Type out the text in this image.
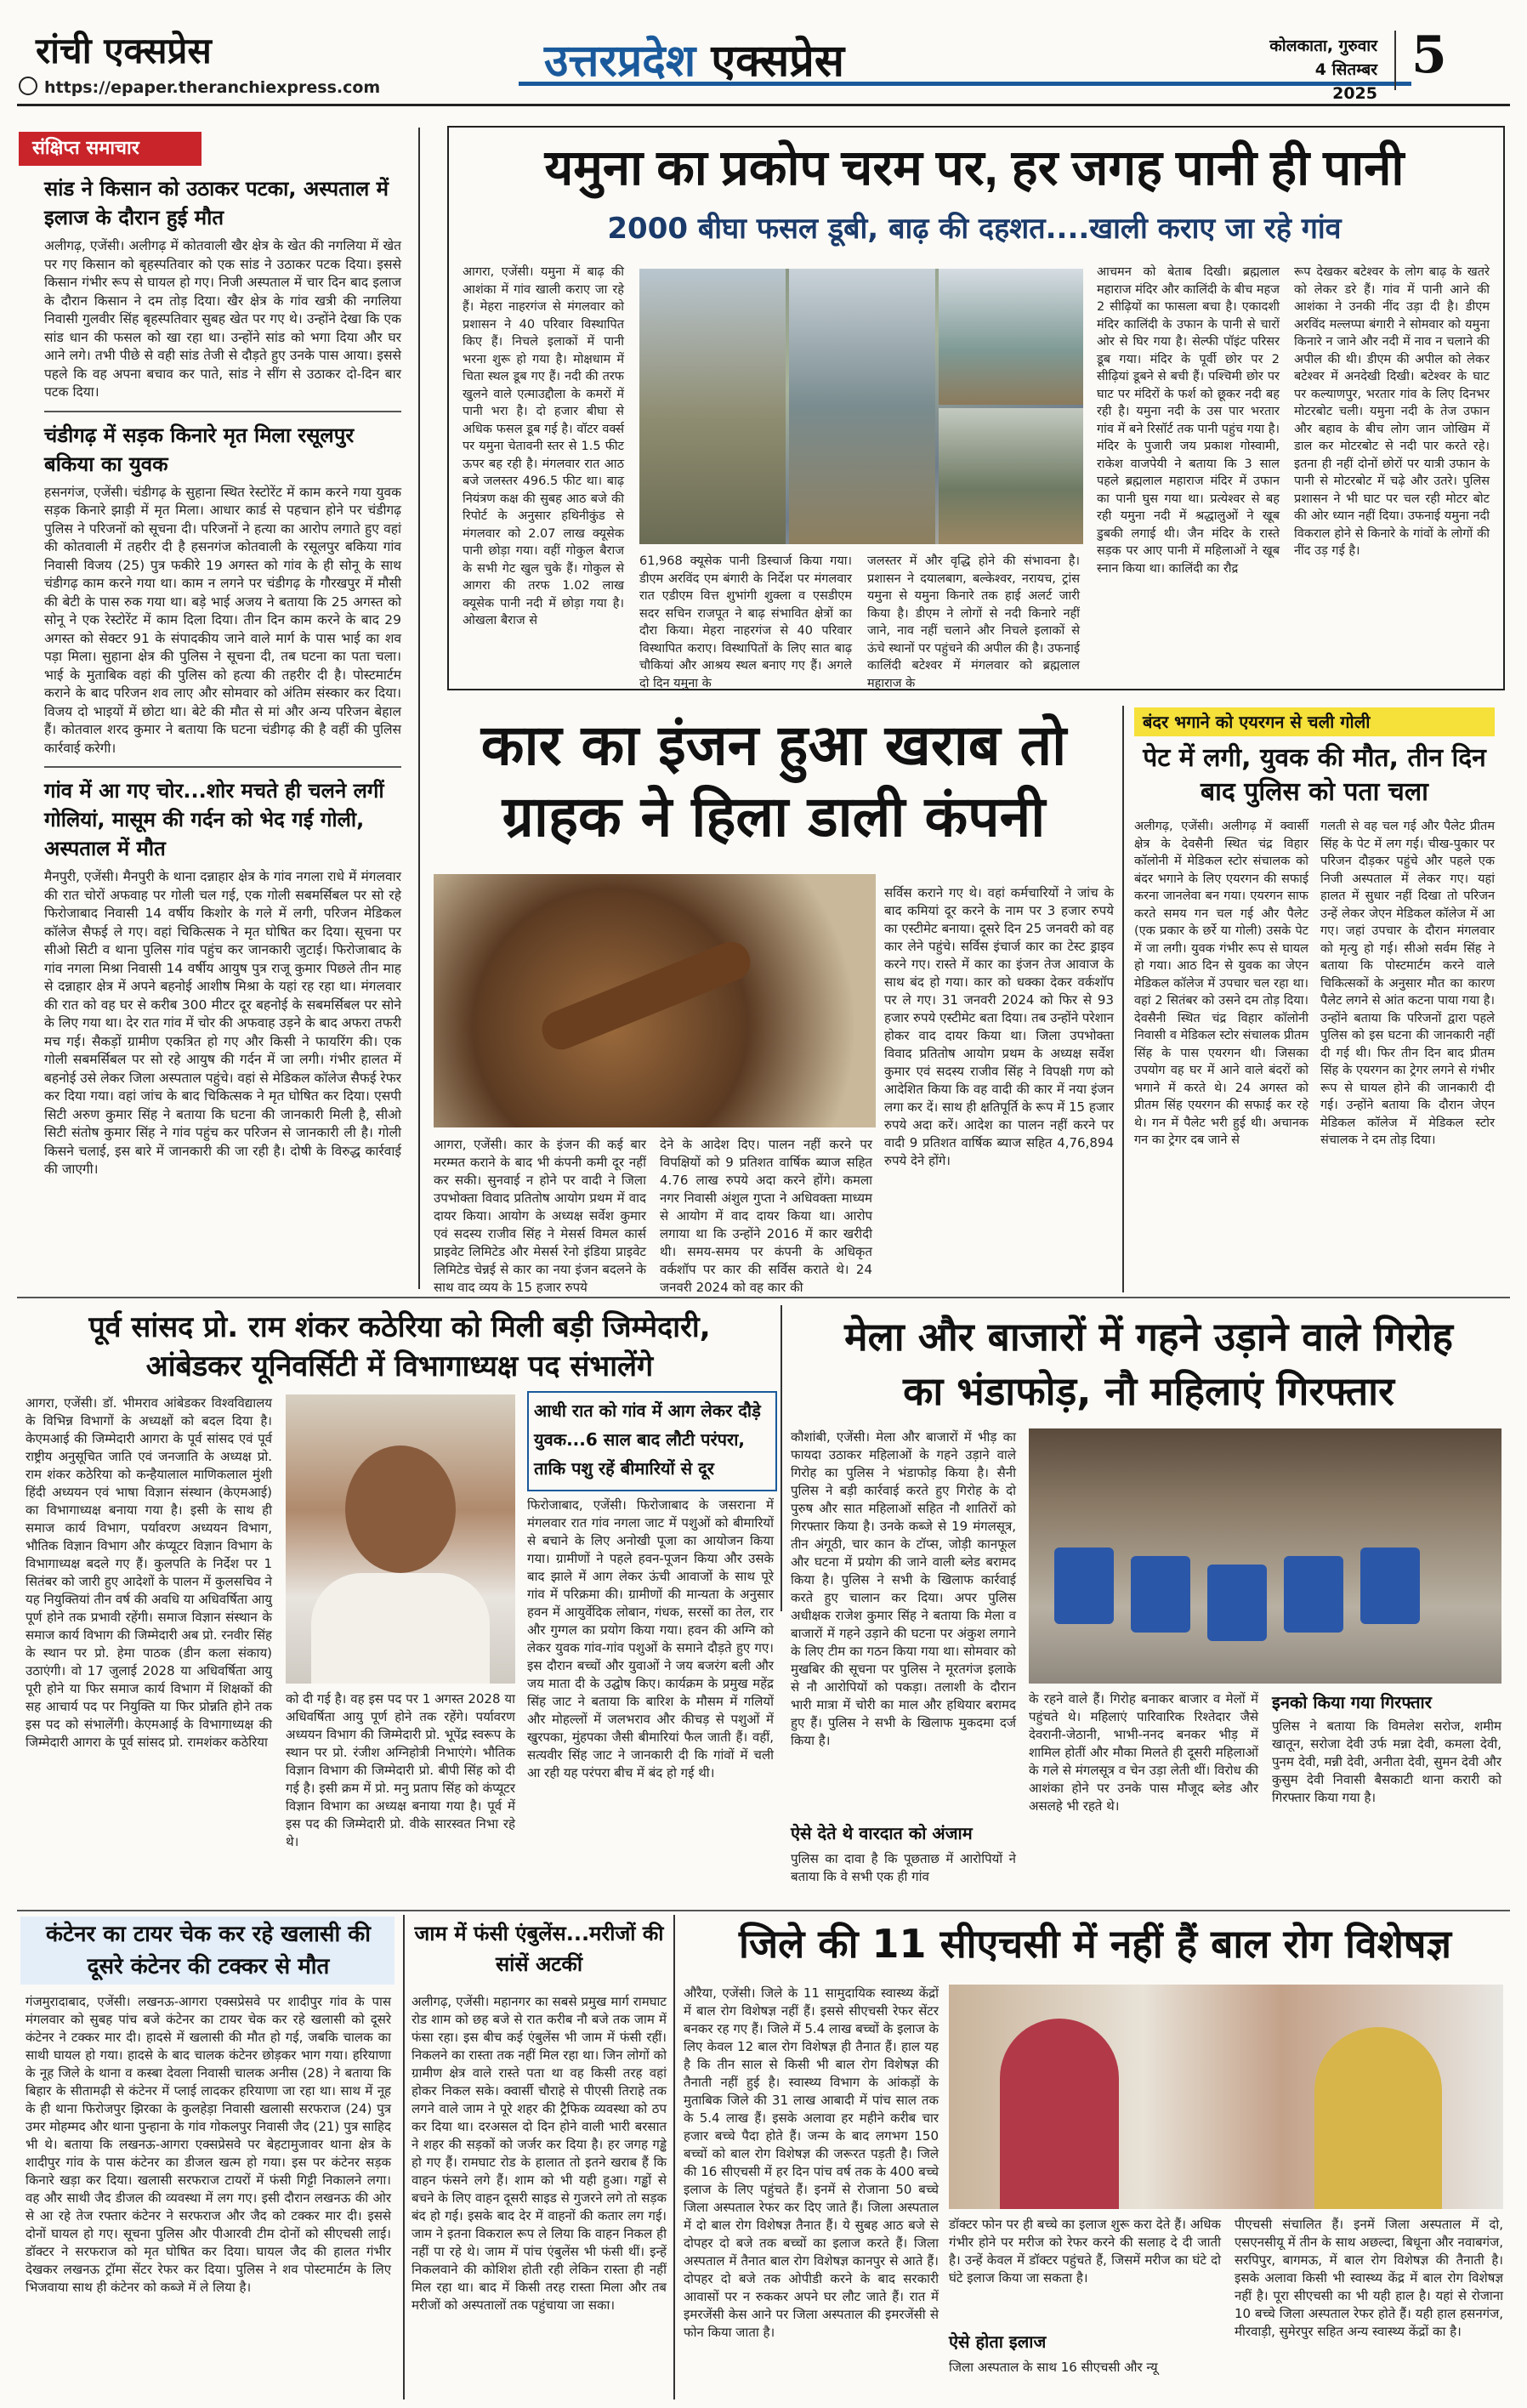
रांची एक्सप्रेस
https://epaper.theranchiexpress.com
उत्तरप्रदेश एक्सप्रेस	कोलकाता, गुरुवार
4 सितम्बर 2025
5
संक्षिप्त समाचार
सांड ने किसान को उठाकर पटका, अस्पताल में इलाज के दौरान हुई मौत
अलीगढ़, एजेंसी। अलीगढ़ में कोतवाली खैर क्षेत्र के खेत की नगलिया में खेत पर गए किसान को बृहस्पतिवार को एक सांड ने उठाकर पटक दिया। इससे किसान गंभीर रूप से घायल हो गए। निजी अस्पताल में चार दिन बाद इलाज के दौरान किसान ने दम तोड़ दिया। खैर क्षेत्र के गांव खत्री की नगलिया निवासी गुलवीर सिंह बृहस्पतिवार सुबह खेत पर गए थे। उन्होंने देखा कि एक सांड धान की फसल को खा रहा था। उन्होंने सांड को भगा दिया और घर आने लगे। तभी पीछे से वही सांड तेजी से दौड़ते हुए उनके पास आया। इससे पहले कि वह अपना बचाव कर पाते, सांड ने सींग से उठाकर दो-दिन बार पटक दिया।
चंडीगढ़ में सड़क किनारे मृत मिला रसूलपुर बकिया का युवक
हसनगंज, एजेंसी। चंडीगढ़ के सुहाना स्थित रेस्टोरेंट में काम करने गया युवक सड़क किनारे झाड़ी में मृत मिला। आधार कार्ड से पहचान होने पर चंडीगढ़ पुलिस ने परिजनों को सूचना दी। परिजनों ने हत्या का आरोप लगाते हुए वहां की कोतवाली में तहरीर दी है हसनगंज कोतवाली के रसूलपुर बकिया गांव निवासी विजय (25) पुत्र फकीरे 19 अगस्त को गांव के ही सोनू के साथ चंडीगढ़ काम करने गया था। काम न लगने पर चंडीगढ़ के गौरखपुर में मौसी की बेटी के पास रुक गया था। बड़े भाई अजय ने बताया कि 25 अगस्त को सोनू ने एक रेस्टोरेंट में काम दिला दिया। तीन दिन काम करने के बाद 29 अगस्त को सेक्टर 91 के संपादकीय जाने वाले मार्ग के पास भाई का शव पड़ा मिला। सुहाना क्षेत्र की पुलिस ने सूचना दी, तब घटना का पता चला। भाई के मुताबिक वहां की पुलिस को हत्या की तहरीर दी है। पोस्टमार्टम कराने के बाद परिजन शव लाए और सोमवार को अंतिम संस्कार कर दिया। विजय दो भाइयों में छोटा था। बेटे की मौत से मां और अन्य परिजन बेहाल हैं। कोतवाल शरद कुमार ने बताया कि घटना चंडीगढ़ की है वहीं की पुलिस कार्रवाई करेगी।
गांव में आ गए चोर...शोर मचते ही चलने लगीं गोलियां, मासूम की गर्दन को भेद गई गोली, अस्पताल में मौत
मैनपुरी, एजेंसी। मैनपुरी के थाना दन्नाहार क्षेत्र के गांव नगला राधे में मंगलवार की रात चोरों अफवाह पर गोली चल गई, एक गोली सबमर्सिबल पर सो रहे फिरोजाबाद निवासी 14 वर्षीय किशोर के गले में लगी, परिजन मेडिकल कॉलेज सैफई ले गए। वहां चिकित्सक ने मृत घोषित कर दिया। सूचना पर सीओ सिटी व थाना पुलिस गांव पहुंच कर जानकारी जुटाई। फिरोजाबाद के गांव नगला मिश्रा निवासी 14 वर्षीय आयुष पुत्र राजू कुमार पिछले तीन माह से दन्नाहार क्षेत्र में अपने बहनोई आशीष मिश्रा के यहां रह रहा था। मंगलवार की रात को वह घर से करीब 300 मीटर दूर बहनोई के सबमर्सिबल पर सोने के लिए गया था। देर रात गांव में चोर की अफवाह उड़ने के बाद अफरा तफरी मच गई। सैकड़ों ग्रामीण एकत्रित हो गए और किसी ने फायरिंग की। एक गोली सबमर्सिबल पर सो रहे आयुष की गर्दन में जा लगी। गंभीर हालत में बहनोई उसे लेकर जिला अस्पताल पहुंचे। वहां से मेडिकल कॉलेज सैफई रेफर कर दिया गया। वहां जांच के बाद चिकित्सक ने मृत घोषित कर दिया। एसपी सिटी अरुण कुमार सिंह ने बताया कि घटना की जानकारी मिली है, सीओ सिटी संतोष कुमार सिंह ने गांव पहुंच कर परिजन से जानकारी ली है। गोली किसने चलाई, इस बारे में जानकारी की जा रही है। दोषी के विरुद्ध कार्रवाई की जाएगी।
यमुना का प्रकोप चरम पर, हर जगह पानी ही पानी
2000 बीघा फसल डूबी, बाढ़ की दहशत....खाली कराए जा रहे गांव
आगरा, एजेंसी। यमुना में बाढ़ की आशंका में गांव खाली कराए जा रहे हैं। मेहरा नाहरगंज से मंगलवार को प्रशासन ने 40 परिवार विस्थापित किए हैं। निचले इलाकों में पानी भरना शुरू हो गया है। मोक्षधाम में चिता स्थल डूब गए हैं। नदी की तरफ खुलने वाले एत्माउद्दौला के कमरों में पानी भरा है। दो हजार बीघा से अधिक फसल डूब गई है। वॉटर वर्क्स पर यमुना चेतावनी स्तर से 1.5 फीट ऊपर बह रही है। मंगलवार रात आठ बजे जलस्तर 496.5 फीट था। बाढ़ नियंत्रण कक्ष की सुबह आठ बजे की रिपोर्ट के अनुसार हथिनीकुंड से मंगलवार को 2.07 लाख क्यूसेक पानी छोड़ा गया। वहीं गोकुल बैराज के सभी गेट खुल चुके हैं। गोकुल से आगरा की तरफ 1.02 लाख क्यूसेक पानी नदी में छोड़ा गया है। ओखला बैराज से
61,968 क्यूसेक पानी डिस्चार्ज किया गया। डीएम अरविंद एम बंगारी के निर्देश पर मंगलवार रात एडीएम वित्त शुभांगी शुक्ला व एसडीएम सदर सचिन राजपूत ने बाढ़ संभावित क्षेत्रों का दौरा किया। मेहरा नाहरगंज से 40 परिवार विस्थापित कराए। विस्थापितों के लिए सात बाढ़ चौकियां और आश्रय स्थल बनाए गए हैं। अगले दो दिन यमुना के
जलस्तर में और वृद्धि होने की संभावना है। प्रशासन ने दयालबाग, बल्केश्वर, नरायच, ट्रांस यमुना से यमुना किनारे तक हाई अलर्ट जारी किया है। डीएम ने लोगों से नदी किनारे नहीं जाने, नाव नहीं चलाने और निचले इलाकों से ऊंचे स्थानों पर पहुंचने की अपील की है। उफनाई कालिंदी बटेश्वर में मंगलवार को ब्रह्मलाल महाराज के
आचमन को बेताब दिखी। ब्रह्मलाल महाराज मंदिर और कालिंदी के बीच महज 2 सीढ़ियों का फासला बचा है। एकादशी मंदिर कालिंदी के उफान के पानी से चारों ओर से घिर गया है। सेल्फी पॉइंट परिसर डूब गया। मंदिर के पूर्वी छोर पर 2 सीढ़ियां डूबने से बची हैं। पश्चिमी छोर पर घाट पर मंदिरों के फर्श को छूकर नदी बह रही है। यमुना नदी के उस पार भरतार गांव में बने रिसॉर्ट तक पानी पहुंच गया है। मंदिर के पुजारी जय प्रकाश गोस्वामी, राकेश वाजपेयी ने बताया कि 3 साल पहले ब्रह्मलाल महाराज मंदिर में उफान का पानी घुस गया था। प्रत्येश्वर से बह रही यमुना नदी में श्रद्धालुओं ने खूब डुबकी लगाई थी। जैन मंदिर के रास्ते सड़क पर आए पानी में महिलाओं ने खूब स्नान किया था। कालिंदी का रौद्र
रूप देखकर बटेश्वर के लोग बाढ़ के खतरे को लेकर डरे हैं। गांव में पानी आने की आशंका ने उनकी नींद उड़ा दी है। डीएम अरविंद मल्लप्पा बंगारी ने सोमवार को यमुना किनारे न जाने और नदी में नाव न चलाने की अपील की थी। डीएम की अपील को लेकर बटेश्वर में अनदेखी दिखी। बटेश्वर के घाट पर कल्याणपुर, भरतार गांव के लिए दिनभर मोटरबोट चली। यमुना नदी के तेज उफान और बहाव के बीच लोग जान जोखिम में डाल कर मोटरबोट से नदी पार करते रहे। इतना ही नहीं दोनों छोरों पर यात्री उफान के पानी से मोटरबोट में चढ़े और उतरे। पुलिस प्रशासन ने भी घाट पर चल रही मोटर बोट की ओर ध्यान नहीं दिया। उफनाई यमुना नदी विकराल होने से किनारे के गांवों के लोगों की नींद उड़ गई है।
कार का इंजन हुआ खराब तो
ग्राहक ने हिला डाली कंपनी
सर्विस कराने गए थे। वहां कर्मचारियों ने जांच के बाद कमियां दूर करने के नाम पर 3 हजार रुपये का एस्टीमेट बनाया। दूसरे दिन 25 जनवरी को वह कार लेने पहुंचे। सर्विस इंचार्ज कार का टेस्ट ड्राइव करने गए। रास्ते में कार का इंजन तेज आवाज के साथ बंद हो गया। कार को धक्का देकर वर्कशॉप पर ले गए। 31 जनवरी 2024 को फिर से 93 हजार रुपये एस्टीमेट बता दिया। तब उन्होंने परेशान होकर वाद दायर किया था। जिला उपभोक्ता विवाद प्रतितोष आयोग प्रथम के अध्यक्ष सर्वेश कुमार एवं सदस्य राजीव सिंह ने विपक्षी गण को आदेशित किया कि वह वादी की कार में नया इंजन लगा कर दें। साथ ही क्षतिपूर्ति के रूप में 15 हजार रुपये अदा करें। आदेश का पालन नहीं करने पर वादी 9 प्रतिशत वार्षिक ब्याज सहित 4,76,894 रुपये देने होंगे।
आगरा, एजेंसी। कार के इंजन की कई बार मरम्मत कराने के बाद भी कंपनी कमी दूर नहीं कर सकी। सुनवाई न होने पर वादी ने जिला उपभोक्ता विवाद प्रतितोष आयोग प्रथम में वाद दायर किया। आयोग के अध्यक्ष सर्वेश कुमार एवं सदस्य राजीव सिंह ने मेसर्स विमल कार्स प्राइवेट लिमिटेड और मेसर्स रेनो इंडिया प्राइवेट लिमिटेड चेन्नई से कार का नया इंजन बदलने के साथ वाद व्यय के 15 हजार रुपये
देने के आदेश दिए। पालन नहीं करने पर विपक्षियों को 9 प्रतिशत वार्षिक ब्याज सहित 4.76 लाख रुपये अदा करने होंगे। कमला नगर निवासी अंशुल गुप्ता ने अधिवक्ता माध्यम से आयोग में वाद दायर किया था। आरोप लगाया था कि उन्होंने 2016 में कार खरीदी थी। समय-समय पर कंपनी के अधिकृत वर्कशॉप पर कार की सर्विस कराते थे। 24 जनवरी 2024 को वह कार की
बंदर भगाने को एयरगन से चली गोली
पेट में लगी, युवक की मौत, तीन दिन बाद पुलिस को पता चला
अलीगढ़, एजेंसी। अलीगढ़ में क्वार्सी क्षेत्र के देवसैनी स्थित चंद्र विहार कॉलोनी में मेडिकल स्टोर संचालक को बंदर भगाने के लिए एयरगन की सफाई करना जानलेवा बन गया। एयरगन साफ करते समय गन चल गई और पैलेट (एक प्रकार के छर्रे या गोली) उसके पेट में जा लगी। युवक गंभीर रूप से घायल हो गया। आठ दिन से युवक का जेएन मेडिकल कॉलेज में उपचार चल रहा था। वहां 2 सितंबर को उसने दम तोड़ दिया। देवसैनी स्थित चंद्र विहार कॉलोनी निवासी व मेडिकल स्टोर संचालक प्रीतम सिंह के पास एयरगन थी। जिसका उपयोग वह घर में आने वाले बंदरों को भगाने में करते थे। 24 अगस्त को प्रीतम सिंह एयरगन की सफाई कर रहे थे। गन में पैलेट भरी हुई थी। अचानक गन का ट्रेगर दब जाने से
गलती से वह चल गई और पैलेट प्रीतम सिंह के पेट में लग गई। चीख-पुकार पर परिजन दौड़कर पहुंचे और पहले एक निजी अस्पताल में लेकर गए। यहां हालत में सुधार नहीं दिखा तो परिजन उन्हें लेकर जेएन मेडिकल कॉलेज में आ गए। जहां उपचार के दौरान मंगलवार को मृत्यु हो गई। सीओ सर्वम सिंह ने बताया कि पोस्टमार्टम करने वाले चिकित्सकों के अनुसार मौत का कारण पैलेट लगने से आंत कटना पाया गया है। उन्होंने बताया कि परिजनों द्वारा पहले पुलिस को इस घटना की जानकारी नहीं दी गई थी। फिर तीन दिन बाद प्रीतम सिंह के एयरगन का ट्रेगर लगने से गंभीर रूप से घायल होने की जानकारी दी गई। उन्होंने बताया कि दौरान जेएन मेडिकल कॉलेज में मेडिकल स्टोर संचालक ने दम तोड़ दिया।
पूर्व सांसद प्रो. राम शंकर कठेरिया को मिली बड़ी जिम्मेदारी,
आंबेडकर यूनिवर्सिटी में विभागाध्यक्ष पद संभालेंगे
आगरा, एजेंसी। डॉ. भीमराव आंबेडकर विश्वविद्यालय के विभिन्न विभागों के अध्यक्षों को बदल दिया है। केएमआई की जिम्मेदारी आगरा के पूर्व सांसद एवं पूर्व राष्ट्रीय अनुसूचित जाति एवं जनजाति के अध्यक्ष प्रो. राम शंकर कठेरिया को कन्हैयालाल माणिकलाल मुंशी हिंदी अध्ययन एवं भाषा विज्ञान संस्थान (केएमआई) का विभागाध्यक्ष बनाया गया है। इसी के साथ ही समाज कार्य विभाग, पर्यावरण अध्ययन विभाग, भौतिक विज्ञान विभाग और कंप्यूटर विज्ञान विभाग के विभागाध्यक्ष बदले गए हैं। कुलपति के निर्देश पर 1 सितंबर को जारी हुए आदेशों के पालन में कुलसचिव ने यह नियुक्तियां तीन वर्ष की अवधि या अधिवर्षिता आयु पूर्ण होने तक प्रभावी रहेंगी। समाज विज्ञान संस्थान के समाज कार्य विभाग की जिम्मेदारी अब प्रो. रनवीर सिंह के स्थान पर प्रो. हेमा पाठक (डीन कला संकाय) उठाएंगी। वो 17 जुलाई 2028 या अधिवर्षिता आयु पूरी होने या फिर समाज कार्य विभाग में शिक्षकों की सह आचार्य पद पर नियुक्ति या फिर प्रोन्नति होने तक इस पद को संभालेंगी। केएमआई के विभागाध्यक्ष की जिम्मेदारी आगरा के पूर्व सांसद प्रो. रामशंकर कठेरिया
को दी गई है। वह इस पद पर 1 अगस्त 2028 या अधिवर्षिता आयु पूर्ण होने तक रहेंगे। पर्यावरण अध्ययन विभाग की जिम्मेदारी प्रो. भूपेंद्र स्वरूप के स्थान पर प्रो. रंजीश अग्निहोत्री निभाएंगे। भौतिक विज्ञान विभाग की जिम्मेदारी प्रो. बीपी सिंह को दी गई है। इसी क्रम में प्रो. मनु प्रताप सिंह को कंप्यूटर विज्ञान विभाग का अध्यक्ष बनाया गया है। पूर्व में इस पद की जिम्मेदारी प्रो. वीके सारस्वत निभा रहे थे।
आधी रात को गांव में आग लेकर दौड़े युवक...6 साल बाद लौटी परंपरा, ताकि पशु रहें बीमारियों से दूर
फिरोजाबाद, एजेंसी। फिरोजाबाद के जसराना में मंगलवार रात गांव नगला जाट में पशुओं को बीमारियों से बचाने के लिए अनोखी पूजा का आयोजन किया गया। ग्रामीणों ने पहले हवन-पूजन किया और उसके बाद झाले में आग लेकर ऊंची आवाजों के साथ पूरे गांव में परिक्रमा की। ग्रामीणों की मान्यता के अनुसार हवन में आयुर्वेदिक लोबान, गंधक, सरसों का तेल, रार और गुग्गल का प्रयोग किया गया। हवन की अग्नि को लेकर युवक गांव-गांव पशुओं के समाने दौड़ते हुए गए। इस दौरान बच्चों और युवाओं ने जय बजरंग बली और जय माता दी के उद्घोष किए। कार्यक्रम के प्रमुख महेंद्र सिंह जाट ने बताया कि बारिश के मौसम में गलियों और मोहल्लों में जलभराव और कीचड़ से पशुओं में खुरपका, मुंहपका जैसी बीमारियां फैल जाती हैं। वहीं, सत्यवीर सिंह जाट ने जानकारी दी कि गांवों में चली आ रही यह परंपरा बीच में बंद हो गई थी।
मेला और बाजारों में गहने उड़ाने वाले गिरोह
का भंडाफोड़, नौ महिलाएं गिरफ्तार
कौशांबी, एजेंसी। मेला और बाजारों में भीड़ का फायदा उठाकर महिलाओं के गहने उड़ाने वाले गिरोह का पुलिस ने भंडाफोड़ किया है। सैनी पुलिस ने बड़ी कार्रवाई करते हुए गिरोह के दो पुरुष और सात महिलाओं सहित नौ शातिरों को गिरफ्तार किया है। उनके कब्जे से 19 मंगलसूत्र, तीन अंगूठी, चार कान के टॉप्स, जोड़ी कानफूल और घटना में प्रयोग की जाने वाली ब्लेड बरामद किया है। पुलिस ने सभी के खिलाफ कार्रवाई करते हुए चालान कर दिया। अपर पुलिस अधीक्षक राजेश कुमार सिंह ने बताया कि मेला व बाजारों में गहने उड़ाने की घटना पर अंकुश लगाने के लिए टीम का गठन किया गया था। सोमवार को मुखबिर की सूचना पर पुलिस ने मूरतगंज इलाके से नौ आरोपियों को पकड़ा। तलाशी के दौरान भारी मात्रा में चोरी का माल और हथियार बरामद हुए हैं। पुलिस ने सभी के खिलाफ मुकदमा दर्ज किया है।
ऐसे देते थे वारदात को अंजाम
पुलिस का दावा है कि पूछताछ में आरोपियों ने बताया कि वे सभी एक ही गांव
के रहने वाले हैं। गिरोह बनाकर बाजार व मेलों में पहुंचते थे। महिलाएं पारिवारिक रिश्तेदार जैसे देवरानी-जेठानी, भाभी-ननद बनकर भीड़ में शामिल होतीं और मौका मिलते ही दूसरी महिलाओं के गले से मंगलसूत्र व चेन उड़ा लेती थीं। विरोध की आशंका होने पर उनके पास मौजूद ब्लेड और असलहे भी रहते थे।
इनको किया गया गिरफ्तार
पुलिस ने बताया कि विमलेश सरोज, शमीम खातून, सरोजा देवी उर्फ मन्ना देवी, कमला देवी, पुनम देवी, मन्नी देवी, अनीता देवी, सुमन देवी और कुसुम देवी निवासी बैसकाटी थाना करारी को गिरफ्तार किया गया है।
कंटेनर का टायर चेक कर रहे खलासी की दूसरे कंटेनर की टक्कर से मौत
गंजमुरादाबाद, एजेंसी। लखनऊ-आगरा एक्सप्रेसवे पर शादीपुर गांव के पास मंगलवार को सुबह पांच बजे कंटेनर का टायर चेक कर रहे खलासी को दूसरे कंटेनर ने टक्कर मार दी। हादसे में खलासी की मौत हो गई, जबकि चालक का साथी घायल हो गया। हादसे के बाद चालक कंटेनर छोड़कर भाग गया। हरियाणा के नूह जिले के थाना व कस्बा देवला निवासी चालक अनीस (28) ने बताया कि बिहार के सीतामढ़ी से कंटेनर में प्लाई लादकर हरियाणा जा रहा था। साथ में नूह के ही थाना फिरोजपुर झिरका के कुलहेड़ा निवासी खलासी सरफराज (24) पुत्र उमर मोहम्मद और थाना पुन्हाना के गांव गोकलपुर निवासी जैद (21) पुत्र साहिद भी थे। बताया कि लखनऊ-आगरा एक्सप्रेसवे पर बेहटामुजावर थाना क्षेत्र के शादीपुर गांव के पास कंटेनर का डीजल खत्म हो गया। इस पर कंटेनर सड़क किनारे खड़ा कर दिया। खलासी सरफराज टायरों में फंसी गिट्टी निकालने लगा। वह और साथी जैद डीजल की व्यवस्था में लग गए। इसी दौरान लखनऊ की ओर से आ रहे तेज रफ्तार कंटेनर ने सरफराज और जैद को टक्कर मार दी। इससे दोनों घायल हो गए। सूचना पुलिस और पीआरवी टीम दोनों को सीएचसी लाई। डॉक्टर ने सरफराज को मृत घोषित कर दिया। घायल जैद की हालत गंभीर देखकर लखनऊ ट्रॉमा सेंटर रेफर कर दिया। पुलिस ने शव पोस्टमार्टम के लिए भिजवाया साथ ही कंटेनर को कब्जे में ले लिया है।
जाम में फंसी एंबुलेंस...मरीजों की सांसें अटकीं
अलीगढ़, एजेंसी। महानगर का सबसे प्रमुख मार्ग रामघाट रोड शाम को छह बजे से रात करीब नौ बजे तक जाम में फंसा रहा। इस बीच कई एंबुलेंस भी जाम में फंसी रहीं। निकलने का रास्ता तक नहीं मिल रहा था। जिन लोगों को ग्रामीण क्षेत्र वाले रास्ते पता था वह किसी तरह वहां होकर निकल सके। क्वार्सी चौराहे से पीएसी तिराहे तक लगने वाले जाम ने पूरे शहर की ट्रैफिक व्यवस्था को ठप कर दिया था। दरअसल दो दिन होने वाली भारी बरसात ने शहर की सड़कों को जर्जर कर दिया है। हर जगह गड्ढे हो गए हैं। रामघाट रोड के हालात तो इतने खराब हैं कि वाहन फंसने लगे हैं। शाम को भी यही हुआ। गड्ढों से बचने के लिए वाहन दूसरी साइड से गुजरने लगे तो सड़क बंद हो गई। इसके बाद देर में वाहनों की कतार लग गई। जाम ने इतना विकराल रूप ले लिया कि वाहन निकल ही नहीं पा रहे थे। जाम में पांच एंबुलेंस भी फंसी थीं। इन्हें निकलवाने की कोशिश होती रही लेकिन रास्ता ही नहीं मिल रहा था। बाद में किसी तरह रास्ता मिला और तब मरीजों को अस्पतालों तक पहुंचाया जा सका।
जिले की 11 सीएचसी में नहीं हैं बाल रोग विशेषज्ञ
औरैया, एजेंसी। जिले के 11 सामुदायिक स्वास्थ्य केंद्रों में बाल रोग विशेषज्ञ नहीं हैं। इससे सीएचसी रेफर सेंटर बनकर रह गए हैं। जिले में 5.4 लाख बच्चों के इलाज के लिए केवल 12 बाल रोग विशेषज्ञ ही तैनात हैं। हाल यह है कि तीन साल से किसी भी बाल रोग विशेषज्ञ की तैनाती नहीं हुई है। स्वास्थ्य विभाग के आंकड़ों के मुताबिक जिले की 31 लाख आबादी में पांच साल तक के 5.4 लाख हैं। इसके अलावा हर महीने करीब चार हजार बच्चे पैदा होते हैं। जन्म के बाद लगभग 150 बच्चों को बाल रोग विशेषज्ञ की जरूरत पड़ती है। जिले की 16 सीएचसी में हर दिन पांच वर्ष तक के 400 बच्चे इलाज के लिए पहुंचते हैं। इनमें से रोजाना 50 बच्चे जिला अस्पताल रेफर कर दिए जाते हैं। जिला अस्पताल में दो बाल रोग विशेषज्ञ तैनात हैं। ये सुबह आठ बजे से दोपहर दो बजे तक बच्चों का इलाज करते हैं। जिला अस्पताल में तैनात बाल रोग विशेषज्ञ कानपुर से आते हैं। दोपहर दो बजे तक ओपीडी करने के बाद सरकारी आवासों पर न रुककर अपने घर लौट जाते हैं। रात में इमरजेंसी केस आने पर जिला अस्पताल की इमरजेंसी से फोन किया जाता है।
डॉक्टर फोन पर ही बच्चे का इलाज शुरू करा देते हैं। अधिक गंभीर होने पर मरीज को रेफर करने की सलाह दे दी जाती है। उन्हें केवल में डॉक्टर पहुंचते हैं, जिसमें मरीज का घंटे दो घंटे इलाज किया जा सकता है।
ऐसे होता इलाज
जिला अस्पताल के साथ 16 सीएचसी और न्यू
पीएचसी संचालित हैं। इनमें जिला अस्पताल में दो, एसएनसीयू में तीन के साथ अछल्दा, बिधूना और नवाबगंज, सरपिपुर, बागमऊ, में बाल रोग विशेषज्ञ की तैनाती है। इसके अलावा किसी भी स्वास्थ्य केंद्र में बाल रोग विशेषज्ञ नहीं है। पूरा सीएचसी का भी यही हाल है। यहां से रोजाना 10 बच्चे जिला अस्पताल रेफर होते हैं। यही हाल हसनगंज, मीरवाड़ी, सुमेरपुर सहित अन्य स्वास्थ्य केंद्रों का है।
